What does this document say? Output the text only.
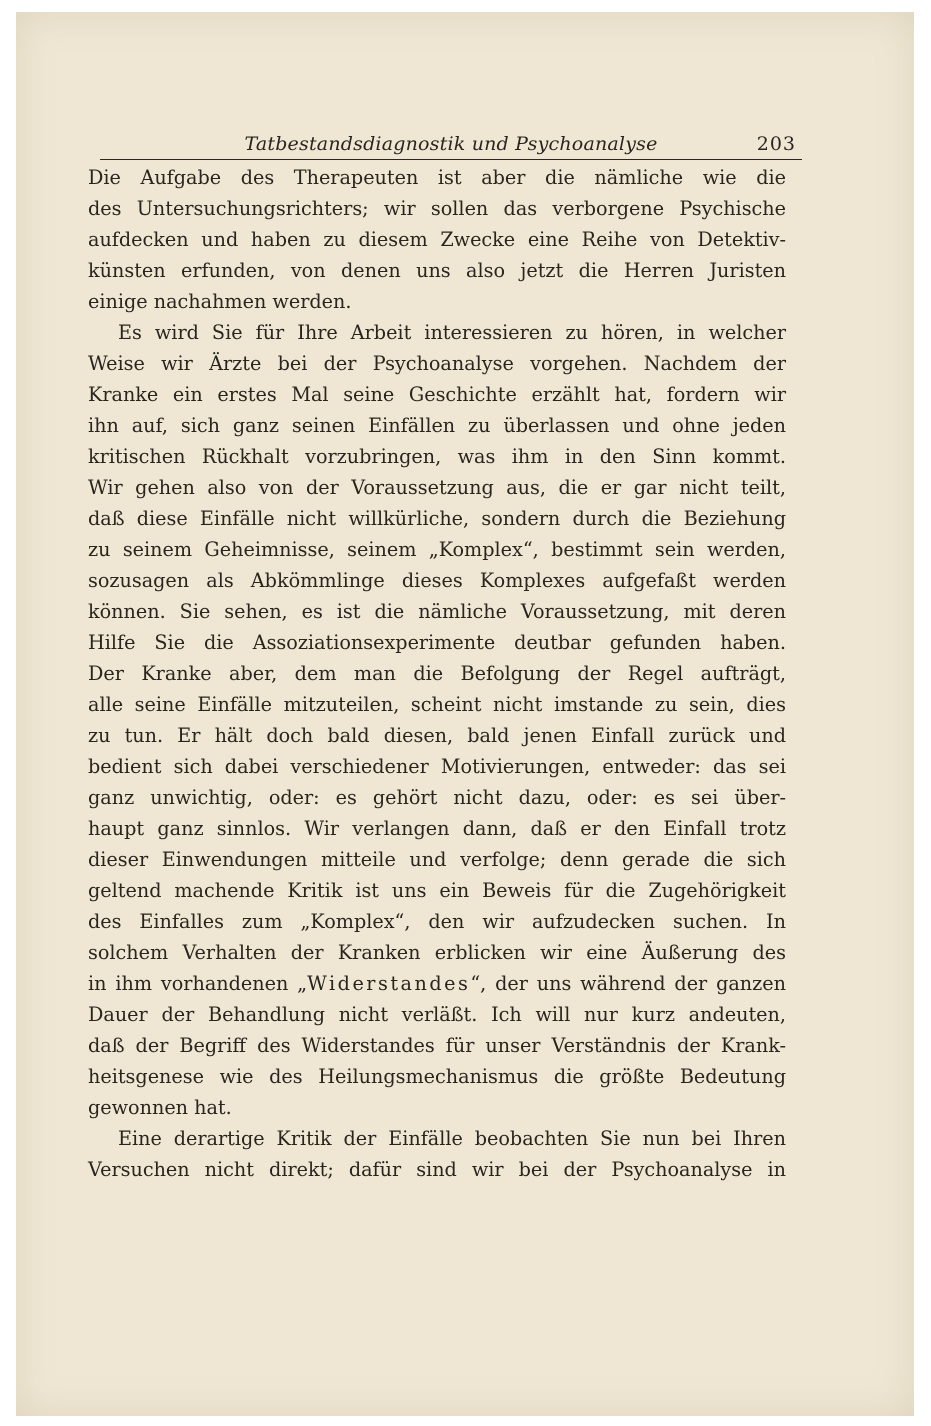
Tatbestandsdiagnostik und Psychoanalyse	203
Die Aufgabe des Therapeuten ist aber die nämliche wie die
des Untersuchungsrichters; wir sollen das verborgene Psychische
aufdecken und haben zu diesem Zwecke eine Reihe von Detektiv-
künsten erfunden, von denen uns also jetzt die Herren Juristen
einige nachahmen werden.
Es wird Sie für Ihre Arbeit interessieren zu hören, in welcher
Weise wir Ärzte bei der Psychoanalyse vorgehen. Nachdem der
Kranke ein erstes Mal seine Geschichte erzählt hat, fordern wir
ihn auf, sich ganz seinen Einfällen zu überlassen und ohne jeden
kritischen Rückhalt vorzubringen, was ihm in den Sinn kommt.
Wir gehen also von der Voraussetzung aus, die er gar nicht teilt,
daß diese Einfälle nicht willkürliche, sondern durch die Beziehung
zu seinem Geheimnisse, seinem „Komplex“, bestimmt sein werden,
sozusagen als Abkömmlinge dieses Komplexes aufgefaßt werden
können. Sie sehen, es ist die nämliche Voraussetzung, mit deren
Hilfe Sie die Assoziationsexperimente deutbar gefunden haben.
Der Kranke aber, dem man die Befolgung der Regel aufträgt,
alle seine Einfälle mitzuteilen, scheint nicht imstande zu sein, dies
zu tun. Er hält doch bald diesen, bald jenen Einfall zurück und
bedient sich dabei verschiedener Motivierungen, entweder: das sei
ganz unwichtig, oder: es gehört nicht dazu, oder: es sei über-
haupt ganz sinnlos. Wir verlangen dann, daß er den Einfall trotz
dieser Einwendungen mitteile und verfolge; denn gerade die sich
geltend machende Kritik ist uns ein Beweis für die Zugehörigkeit
des Einfalles zum „Komplex“, den wir aufzudecken suchen. In
solchem Verhalten der Kranken erblicken wir eine Äußerung des
in ihm vorhandenen „Widerstandes“, der uns während der ganzen
Dauer der Behandlung nicht verläßt. Ich will nur kurz andeuten,
daß der Begriff des Widerstandes für unser Verständnis der Krank-
heitsgenese wie des Heilungsmechanismus die größte Bedeutung
gewonnen hat.
Eine derartige Kritik der Einfälle beobachten Sie nun bei Ihren
Versuchen nicht direkt; dafür sind wir bei der Psychoanalyse in
